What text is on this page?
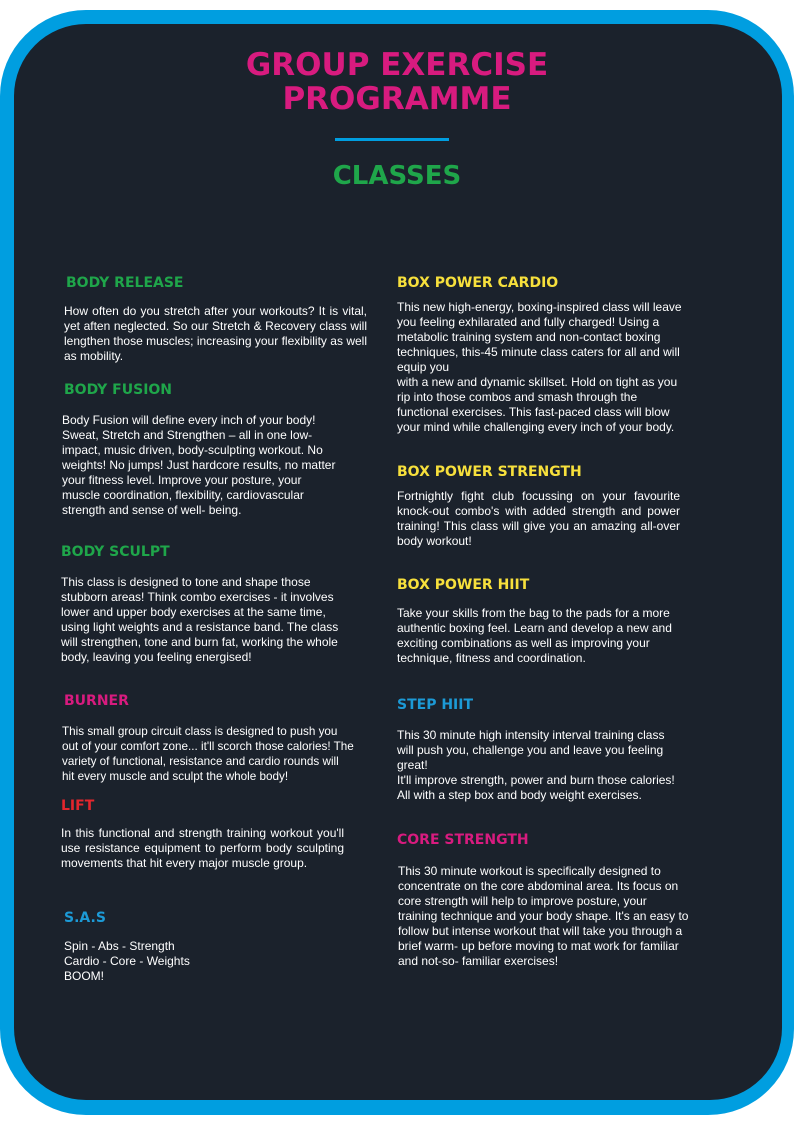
GROUP EXERCISE
PROGRAMME
CLASSES
BODY RELEASE

How often do you stretch after your workouts? It is vital, yet aften neglected. So our Stretch & Recovery class will lengthen those muscles; increasing your flexibility as well as mobility.

BODY FUSION

Body Fusion will define every inch of your body!
Sweat, Stretch and Strengthen – all in one low-
impact, music driven, body-sculpting workout. No
weights! No jumps! Just hardcore results, no matter
your fitness level. Improve your posture, your
muscle coordination, flexibility, cardiovascular
strength and sense of well- being.

BODY SCULPT

This class is designed to tone and shape those
stubborn areas! Think combo exercises - it involves
lower and upper body exercises at the same time,
using light weights and a resistance band. The class
will strengthen, tone and burn fat, working the whole
body, leaving you feeling energised!

BURNER

This small group circuit class is designed to push you
out of your comfort zone... it'll scorch those calories! The
variety of functional, resistance and cardio rounds will
hit every muscle and sculpt the whole body!

LIFT

In this functional and strength training workout you'll use resistance equipment to perform body sculpting movements that hit every major muscle group.

S.A.S

Spin - Abs - Strength
Cardio - Core - Weights
BOOM!

BOX POWER CARDIO

This new high-energy, boxing-inspired class will leave
you feeling exhilarated and fully charged! Using a
metabolic training system and non-contact boxing
techniques, this-45 minute class caters for all and will
equip you
with a new and dynamic skillset. Hold on tight as you
rip into those combos and smash through the
functional exercises. This fast-paced class will blow
your mind while challenging every inch of your body.

BOX POWER STRENGTH

Fortnightly fight club focussing on your favourite knock-out combo's with added strength and power training! This class will give you an amazing all-over body workout!

BOX POWER HIIT

Take your skills from the bag to the pads for a more
authentic boxing feel. Learn and develop a new and
exciting combinations as well as improving your
technique, fitness and coordination.

STEP HIIT

This 30 minute high intensity interval training class
will push you, challenge you and leave you feeling
great!
It'll improve strength, power and burn those calories!
All with a step box and body weight exercises.

CORE STRENGTH

This 30 minute workout is specifically designed to
concentrate on the core abdominal area. Its focus on
core strength will help to improve posture, your
training technique and your body shape. It's an easy to
follow but intense workout that will take you through a
brief warm- up before moving to mat work for familiar
and not-so- familiar exercises!
